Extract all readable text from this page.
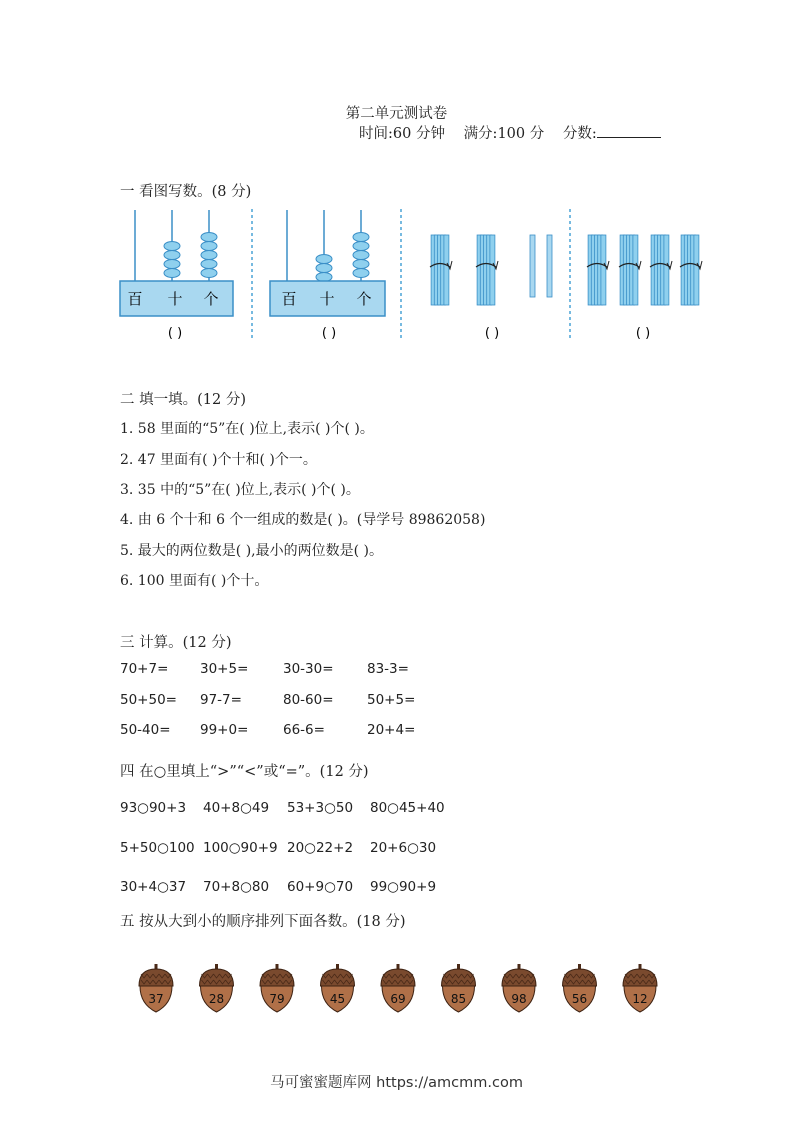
第二单元测试卷
时间:60 分钟 满分:100 分 分数:
一 看图写数。(8 分)
百 十 个	百 十 个
( )	( )	( )	( )
二 填一填。(12 分)
1. 58 里面的“5”在( )位上,表示( )个( )。
2. 47 里面有( )个十和( )个一。
3. 35 中的“5”在( )位上,表示( )个( )。
4. 由 6 个十和 6 个一组成的数是( )。(导学号 89862058)
5. 最大的两位数是( ),最小的两位数是( )。
6. 100 里面有( )个十。
三 计算。(12 分)
70+7= 30+5=	30-30= 83-3=
50+50= 97-7=	80-60= 50+5=
50-40= 99+0=	66-6=	20+4=
四 在○里填上“>”“<”或“=”。(12 分)
93○90+3 40+8○49 53+3○50 80○45+40
5+50○100 100○90+9 20○22+2 20+6○30
30+4○37 70+8○80 60+9○70 99○90+9
五 按从大到小的顺序排列下面各数。(18 分)
37	28	79	45	69	85	98	56	12
马可蜜蜜题库网 https://amcmm.com
